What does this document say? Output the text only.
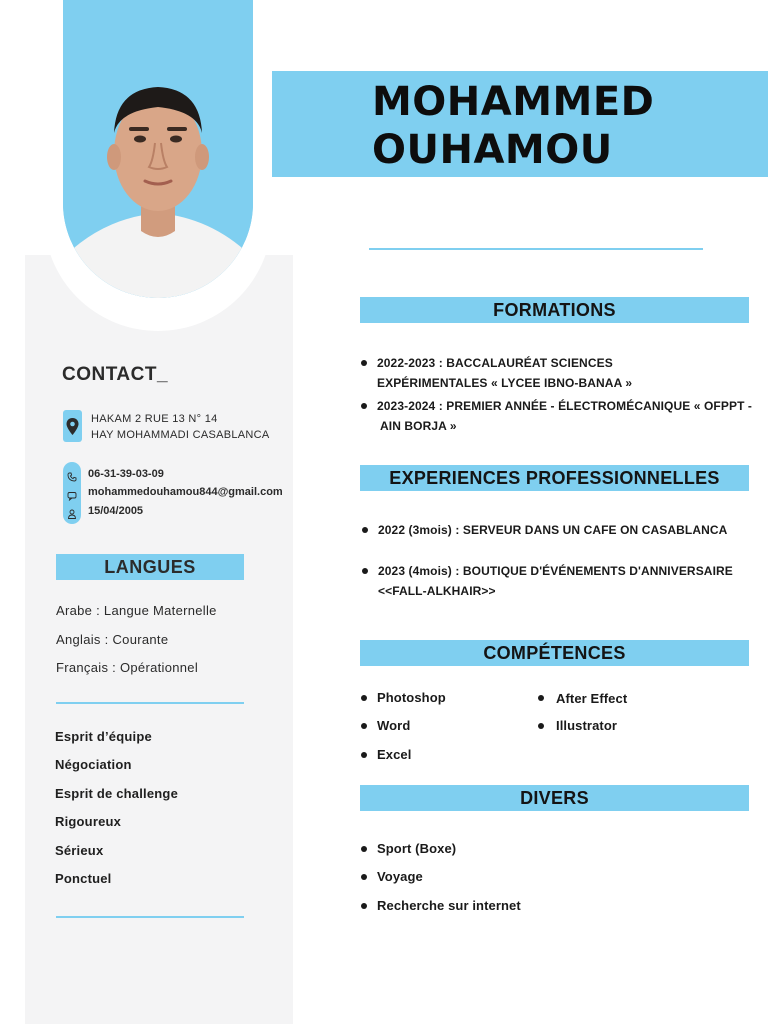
MOHAMMED
OUHAMOU
CONTACT_
HAKAM 2 RUE 13 N° 14
HAY MOHAMMADI CASABLANCA
06-31-39-03-09
mohammedouhamou844@gmail.com
15/04/2005
LANGUES
Arabe : Langue Maternelle
Anglais : Courante
Français : Opérationnel
Esprit d’équipe
Négociation
Esprit de challenge
Rigoureux
Sérieux
Ponctuel
FORMATIONS
2022-2023 : BACCALAURÉAT SCIENCES
EXPÉRIMENTALES « LYCEE IBNO-BANAA »
2023-2024 : PREMIER ANNÉE - ÉLECTROMÉCANIQUE « OFPPT -
AIN BORJA »
EXPERIENCES PROFESSIONNELLES
2022 (3mois) : SERVEUR DANS UN CAFE ON CASABLANCA
2023 (4mois) : BOUTIQUE D'ÉVÉNEMENTS D'ANNIVERSAIRE
<<FALL-ALKHAIR>>
COMPÉTENCES
Photoshop
Word
Excel
After Effect
Illustrator
DIVERS
Sport (Boxe)
Voyage
Recherche sur internet
